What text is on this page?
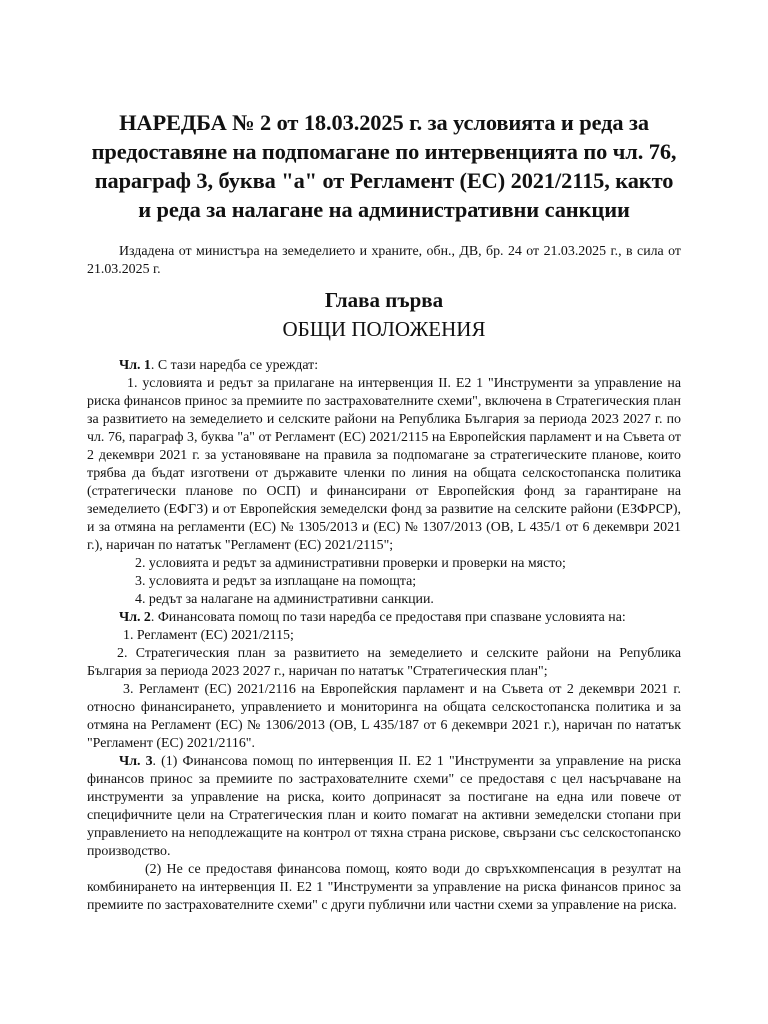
НАРЕДБА № 2 от 18.03.2025 г. за условията и реда за предоставяне на подпомагане по интервенцията по чл. 76, параграф 3, буква "а" от Регламент (ЕС) 2021/2115, както и реда за налагане на административни санкции

Издадена от министъра на земеделието и храните, обн., ДВ, бр. 24 от 21.03.2025 г., в сила от 21.03.2025 г.

Глава първа
ОБЩИ ПОЛОЖЕНИЯ

Чл. 1. С тази наредба се уреждат:

1. условията и редът за прилагане на интервенция II. Е2 1 "Инструменти за управление на риска финансов принос за премиите по застрахователните схеми", включена в Стратегическия план за развитието на земеделието и селските райони на Република България за периода 2023 2027 г. по чл. 76, параграф 3, буква "а" от Регламент (ЕС) 2021/2115 на Европейския парламент и на Съвета от 2 декември 2021 г. за установяване на правила за подпомагане за стратегическите планове, които трябва да бъдат изготвени от държавите членки по линия на общата селскостопанска политика (стратегически планове по ОСП) и финансирани от Европейския фонд за гарантиране на земеделието (ЕФГЗ) и от Европейския земеделски фонд за развитие на селските райони (ЕЗФРСР), и за отмяна на регламенти (ЕС) № 1305/2013 и (ЕС) № 1307/2013 (ОВ, L 435/1 от 6 декември 2021 г.), наричан по нататък "Регламент (ЕС) 2021/2115";

2. условията и редът за административни проверки и проверки на място;

3. условията и редът за изплащане на помощта;

4. редът за налагане на административни санкции.

Чл. 2. Финансовата помощ по тази наредба се предоставя при спазване условията на:

1. Регламент (ЕС) 2021/2115;

2. Стратегическия план за развитието на земеделието и селските райони на Република България за периода 2023 2027 г., наричан по нататък "Стратегическия план";

3. Регламент (ЕС) 2021/2116 на Европейския парламент и на Съвета от 2 декември 2021 г. относно финансирането, управлението и мониторинга на общата селскостопанска политика и за отмяна на Регламент (ЕС) № 1306/2013 (ОВ, L 435/187 от 6 декември 2021 г.), наричан по нататък "Регламент (ЕС) 2021/2116".

Чл. 3. (1) Финансова помощ по интервенция II. Е2 1 "Инструменти за управление на риска финансов принос за премиите по застрахователните схеми" се предоставя с цел насърчаване на инструменти за управление на риска, които допринасят за постигане на една или повече от специфичните цели на Стратегическия план и които помагат на активни земеделски стопани при управлението на неподлежащите на контрол от тяхна страна рискове, свързани със селскостопанско производство.

(2) Не се предоставя финансова помощ, която води до свръхкомпенсация в резултат на комбинирането на интервенция II. Е2 1 "Инструменти за управление на риска финансов принос за премиите по застрахователните схеми" с други публични или частни схеми за управление на риска.
